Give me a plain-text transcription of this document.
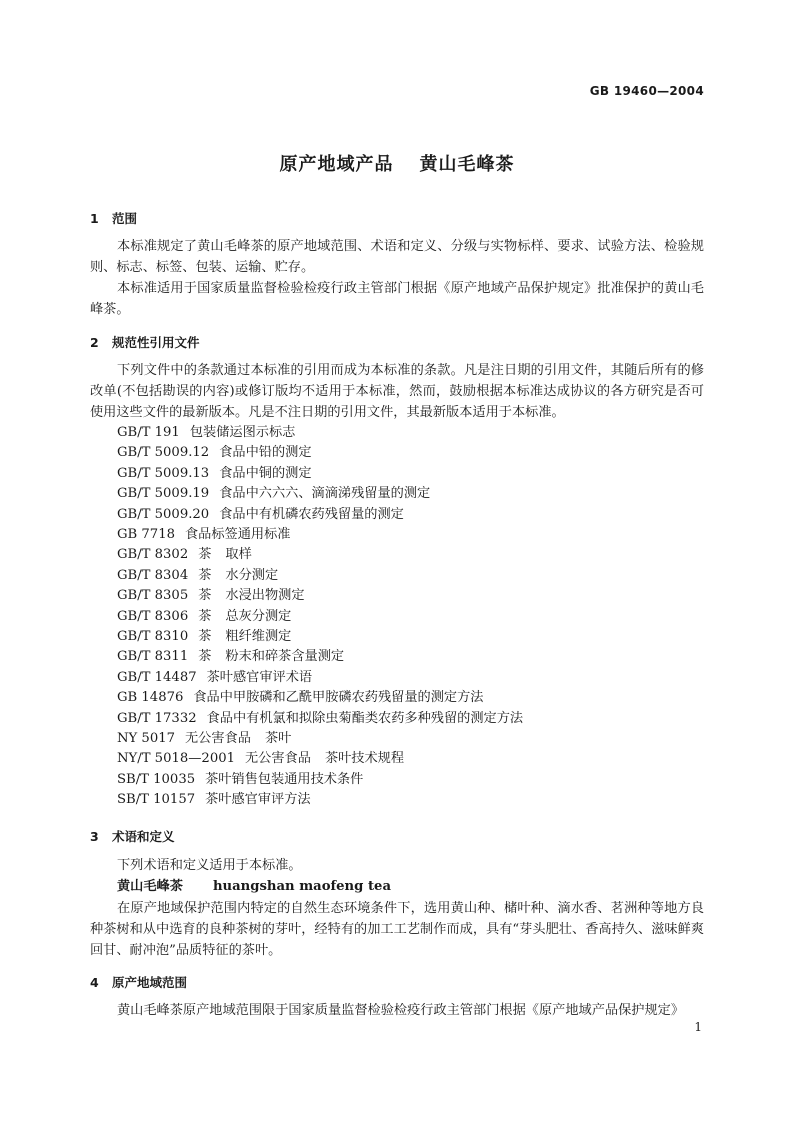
GB 19460—2004
原产地域产品 黄山毛峰茶
1 范围
本标准规定了黄山毛峰茶的原产地域范围、术语和定义、分级与实物标样、要求、试验方法、检验规则、标志、标签、包装、运输、贮存。
本标准适用于国家质量监督检验检疫行政主管部门根据《原产地域产品保护规定》批准保护的黄山毛峰茶。
2 规范性引用文件
下列文件中的条款通过本标准的引用而成为本标准的条款。凡是注日期的引用文件，其随后所有的修改单(不包括勘误的内容)或修订版均不适用于本标准，然而，鼓励根据本标准达成协议的各方研究是否可使用这些文件的最新版本。凡是不注日期的引用文件，其最新版本适用于本标准。
GB/T 191 包装储运图示标志
GB/T 5009.12 食品中铅的测定
GB/T 5009.13 食品中铜的测定
GB/T 5009.19 食品中六六六、滴滴涕残留量的测定
GB/T 5009.20 食品中有机磷农药残留量的测定
GB 7718 食品标签通用标准
GB/T 8302 茶 取样
GB/T 8304 茶 水分测定
GB/T 8305 茶 水浸出物测定
GB/T 8306 茶 总灰分测定
GB/T 8310 茶 粗纤维测定
GB/T 8311 茶 粉末和碎茶含量测定
GB/T 14487 茶叶感官审评术语
GB 14876 食品中甲胺磷和乙酰甲胺磷农药残留量的测定方法
GB/T 17332 食品中有机氯和拟除虫菊酯类农药多种残留的测定方法
NY 5017 无公害食品 茶叶
NY/T 5018—2001 无公害食品 茶叶技术规程
SB/T 10035 茶叶销售包装通用技术条件
SB/T 10157 茶叶感官审评方法
3 术语和定义
下列术语和定义适用于本标准。
黄山毛峰茶 huangshan maofeng tea
在原产地域保护范围内特定的自然生态环境条件下，选用黄山种、槠叶种、滴水香、茗洲种等地方良种茶树和从中选育的良种茶树的芽叶，经特有的加工工艺制作而成，具有“芽头肥壮、香高持久、滋味鲜爽回甘、耐冲泡”品质特征的茶叶。
4 原产地域范围
黄山毛峰茶原产地域范围限于国家质量监督检验检疫行政主管部门根据《原产地域产品保护规定》
1
